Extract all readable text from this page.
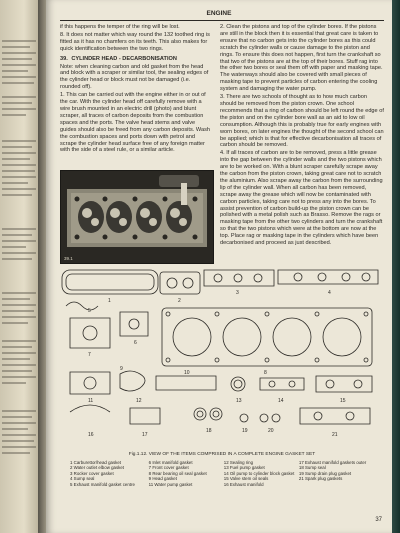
ENGINE

if this happens the temper of the ring will be lost.

8. It does not matter which way round the 132 toothed ring is fitted as it has no chamfers on its teeth. This also makes for quick identification between the two rings.

39. CYLINDER HEAD - DECARBONISATION

Note: when cleaning carbon and old gasket from the head and block with a scraper or similar tool, the sealing edges of the cylinder head or block must not be damaged (i.e. rounded off).

1. This can be carried out with the engine either in or out of the car. With the cylinder head off carefully remove with a wire brush mounted in an electric drill (photo) and blunt scraper, all traces of carbon deposits from the combustion spaces and the ports. The valve head stems and valve guides should also be freed from any carbon deposits. Wash the combustion spaces and ports down with petrol and scrape the cylinder head surface free of any foreign matter with the side of a steel rule, or a similar article.

39.1

2. Clean the pistons and top of the cylinder bores. If the pistons are still in the block then it is essential that great care is taken to ensure that no carbon gets into the cylinder bores as this could scratch the cylinder walls or cause damage to the piston and rings. To ensure this does not happen, first turn the crankshaft so that two of the pistons are at the top of their bores. Stuff rag into the other two bores or seal them off with paper and masking tape. The waterways should also be covered with small pieces of masking tape to prevent particles of carbon entering the cooling system and damaging the water pump.

3. There are two schools of thought as to how much carbon should be removed from the piston crown. One school recommends that a ring of carbon should be left round the edge of the piston and on the cylinder bore wall as an aid to low oil consumption. Although this is probably true for early engines with worn bores, on later engines the thought of the second school can be applied; which is that for effective decarbonisation all traces of carbon should be removed.

4. If all traces of carbon are to be removed, press a little grease into the gap between the cylinder walls and the two pistons which are to be worked on. With a blunt scraper carefully scrape away the carbon from the piston crown, taking great care not to scratch the aluminium. Also scrape away the carbon from the surrounding lip of the cylinder wall. When all carbon has been removed, scrape away the grease which will now be contaminated with carbon particles, taking care not to press any into the bores. To assist prevention of carbon build-up the piston crown can be polished with a metal polish such as Brasso. Remove the rags or masking tape from the other two cylinders and turn the crankshaft so that the two pistons which were at the bottom are now at the top. Place rag or masking tape in the cylinders which have been decarbonised and proceed as just described.

1	2
3	4
5
6
7
8
9
10
11	12	13	14	15
16	17
18	19	20
21
Fig.1.12. VIEW OF THE ITEMS COMPRISED IN A COMPLETE ENGINE GASKET SET
1 Carburettor/head gasket	6 Inlet manifold gasket	12 Sealing ring	17 Exhaust manifold gaskets outer
2 Water outlet elbow gasket	7 Front cover gasket	13 Fuel pump gasket	18 Sump seal
3 Rocker cover gasket	8 Rear bearing oil seal gasket	14 Oil pump to cylinder block gasket 19 Sump drain plug gasket
4 Sump seal	9 Head gasket	15 Valve stem oil seals	21 Spark plug gaskets
5 Exhaust manifold gasket centre	11 Water pump gasket	16 Exhaust manifold
37
